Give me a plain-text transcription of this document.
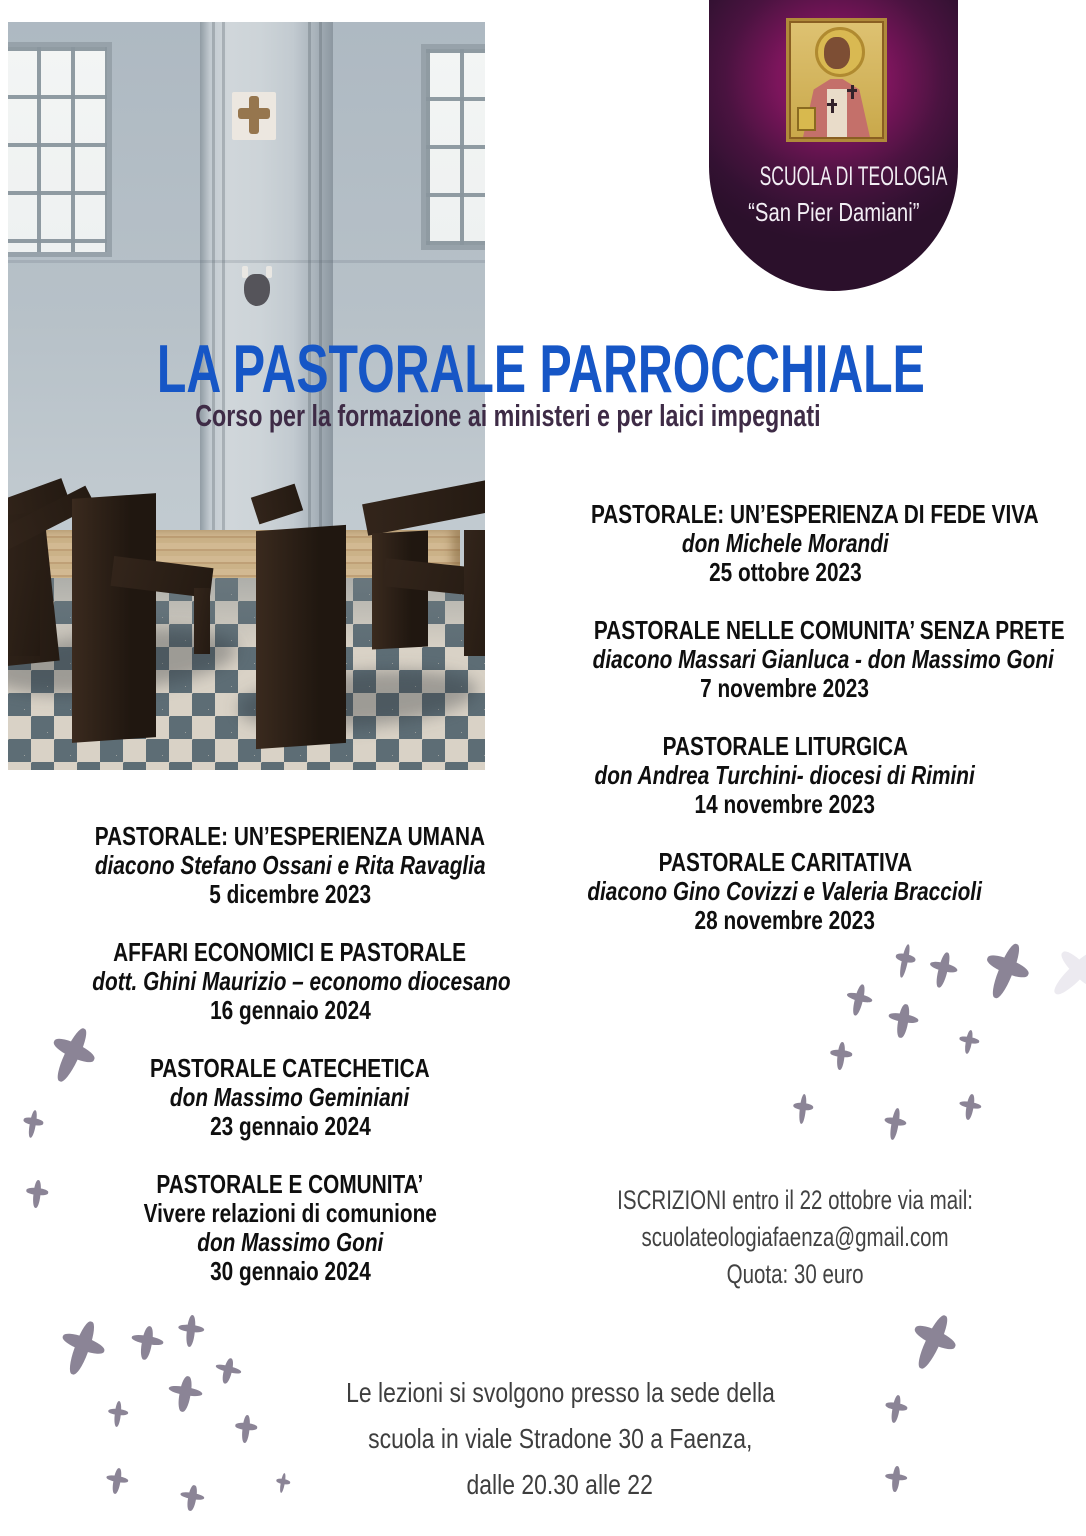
SCUOLA DI TEOLOGIA
“San Pier Damiani”
LA PASTORALE PARROCCHIALE
Corso per la formazione ai ministeri e per laici impegnati
PASTORALE: UN’ESPERIENZA DI FEDE VIVA
don Michele Morandi
25 ottobre 2023
PASTORALE NELLE COMUNITA’ SENZA PRETE
diacono Massari Gianluca - don Massimo Goni
7 novembre 2023
PASTORALE LITURGICA
don Andrea Turchini- diocesi di Rimini
14 novembre 2023
PASTORALE CARITATIVA
diacono Gino Covizzi e Valeria Braccioli
28 novembre 2023
PASTORALE: UN’ESPERIENZA UMANA
diacono Stefano Ossani e Rita Ravaglia
5 dicembre 2023
AFFARI ECONOMICI E PASTORALE
dott. Ghini Maurizio – economo diocesano
16 gennaio 2024
PASTORALE CATECHETICA
don Massimo Geminiani
23 gennaio 2024
PASTORALE E COMUNITA’
Vivere relazioni di comunione
don Massimo Goni
30 gennaio 2024
ISCRIZIONI entro il 22 ottobre via mail:
scuolateologiafaenza@gmail.com
Quota: 30 euro
Le lezioni si svolgono presso la sede della
scuola in viale Stradone 30 a Faenza,
dalle 20.30 alle 22
